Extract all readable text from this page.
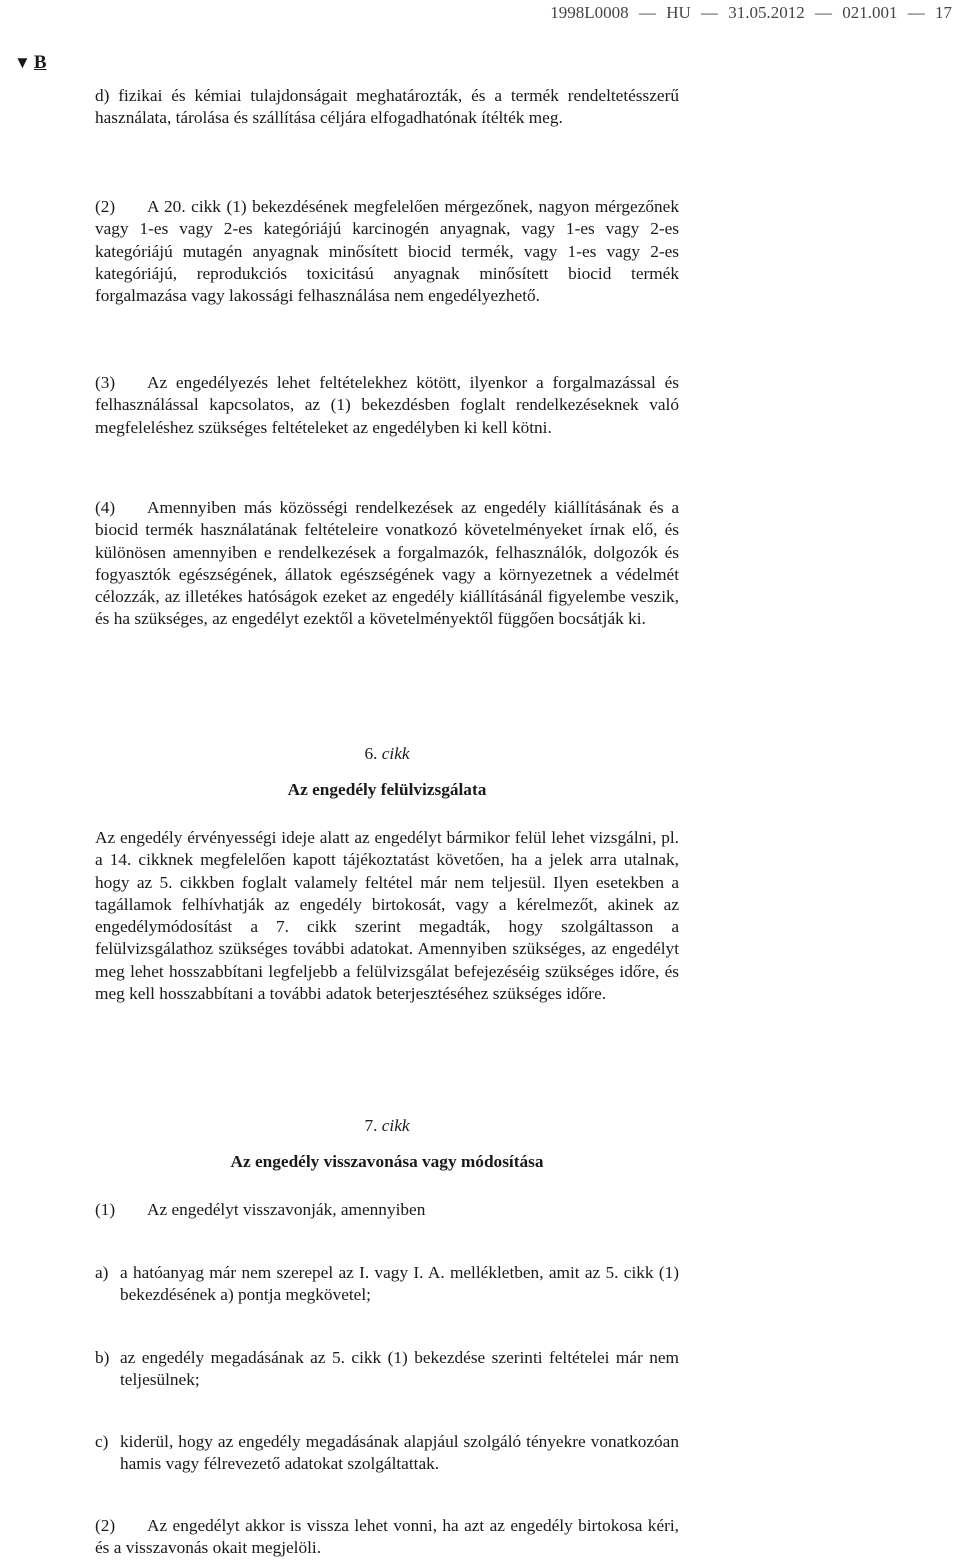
1998L0008 — HU — 31.05.2012 — 021.001 — 17
▼ B
d) fizikai és kémiai tulajdonságait meghatározták, és a termék rendeltetésszerű használata, tárolása és szállítása céljára elfogadhatónak ítélték meg.
(2) A 20. cikk (1) bekezdésének megfelelően mérgezőnek, nagyon mérgezőnek vagy 1-es vagy 2-es kategóriájú karcinogén anyagnak, vagy 1-es vagy 2-es kategóriájú mutagén anyagnak minősített biocid termék, vagy 1-es vagy 2-es kategóriájú, reprodukciós toxicitású anyagnak minősített biocid termék forgalmazása vagy lakossági felhasználása nem engedélyezhető.
(3) Az engedélyezés lehet feltételekhez kötött, ilyenkor a forgalmazással és felhasználással kapcsolatos, az (1) bekezdésben foglalt rendelkezéseknek való megfeleléshez szükséges feltételeket az engedélyben ki kell kötni.
(4) Amennyiben más közösségi rendelkezések az engedély kiállításának és a biocid termék használatának feltételeire vonatkozó követelményeket írnak elő, és különösen amennyiben e rendelkezések a forgalmazók, felhasználók, dolgozók és fogyasztók egészségének, állatok egészségének vagy a környezetnek a védelmét célozzák, az illetékes hatóságok ezeket az engedély kiállításánál figyelembe veszik, és ha szükséges, az engedélyt ezektől a követelményektől függően bocsátják ki.
6. cikk
Az engedély felülvizsgálata
Az engedély érvényességi ideje alatt az engedélyt bármikor felül lehet vizsgálni, pl. a 14. cikknek megfelelően kapott tájékoztatást követően, ha a jelek arra utalnak, hogy az 5. cikkben foglalt valamely feltétel már nem teljesül. Ilyen esetekben a tagállamok felhívhatják az engedély birtokosát, vagy a kérelmezőt, akinek az engedélymódosítást a 7. cikk szerint megadták, hogy szolgáltasson a felülvizsgálathoz szükséges további adatokat. Amennyiben szükséges, az engedélyt meg lehet hosszabbítani legfeljebb a felülvizsgálat befejezéséig szükséges időre, és meg kell hosszabbítani a további adatok beterjesztéséhez szükséges időre.
7. cikk
Az engedély visszavonása vagy módosítása
(1) Az engedélyt visszavonják, amennyiben
a) a hatóanyag már nem szerepel az I. vagy I. A. mellékletben, amit az 5. cikk (1) bekezdésének a) pontja megkövetel;
b) az engedély megadásának az 5. cikk (1) bekezdése szerinti feltételei már nem teljesülnek;
c) kiderül, hogy az engedély megadásának alapjául szolgáló tényekre vonatkozóan hamis vagy félrevezető adatokat szolgáltattak.
(2) Az engedélyt akkor is vissza lehet vonni, ha azt az engedély birtokosa kéri, és a visszavonás okait megjelöli.
